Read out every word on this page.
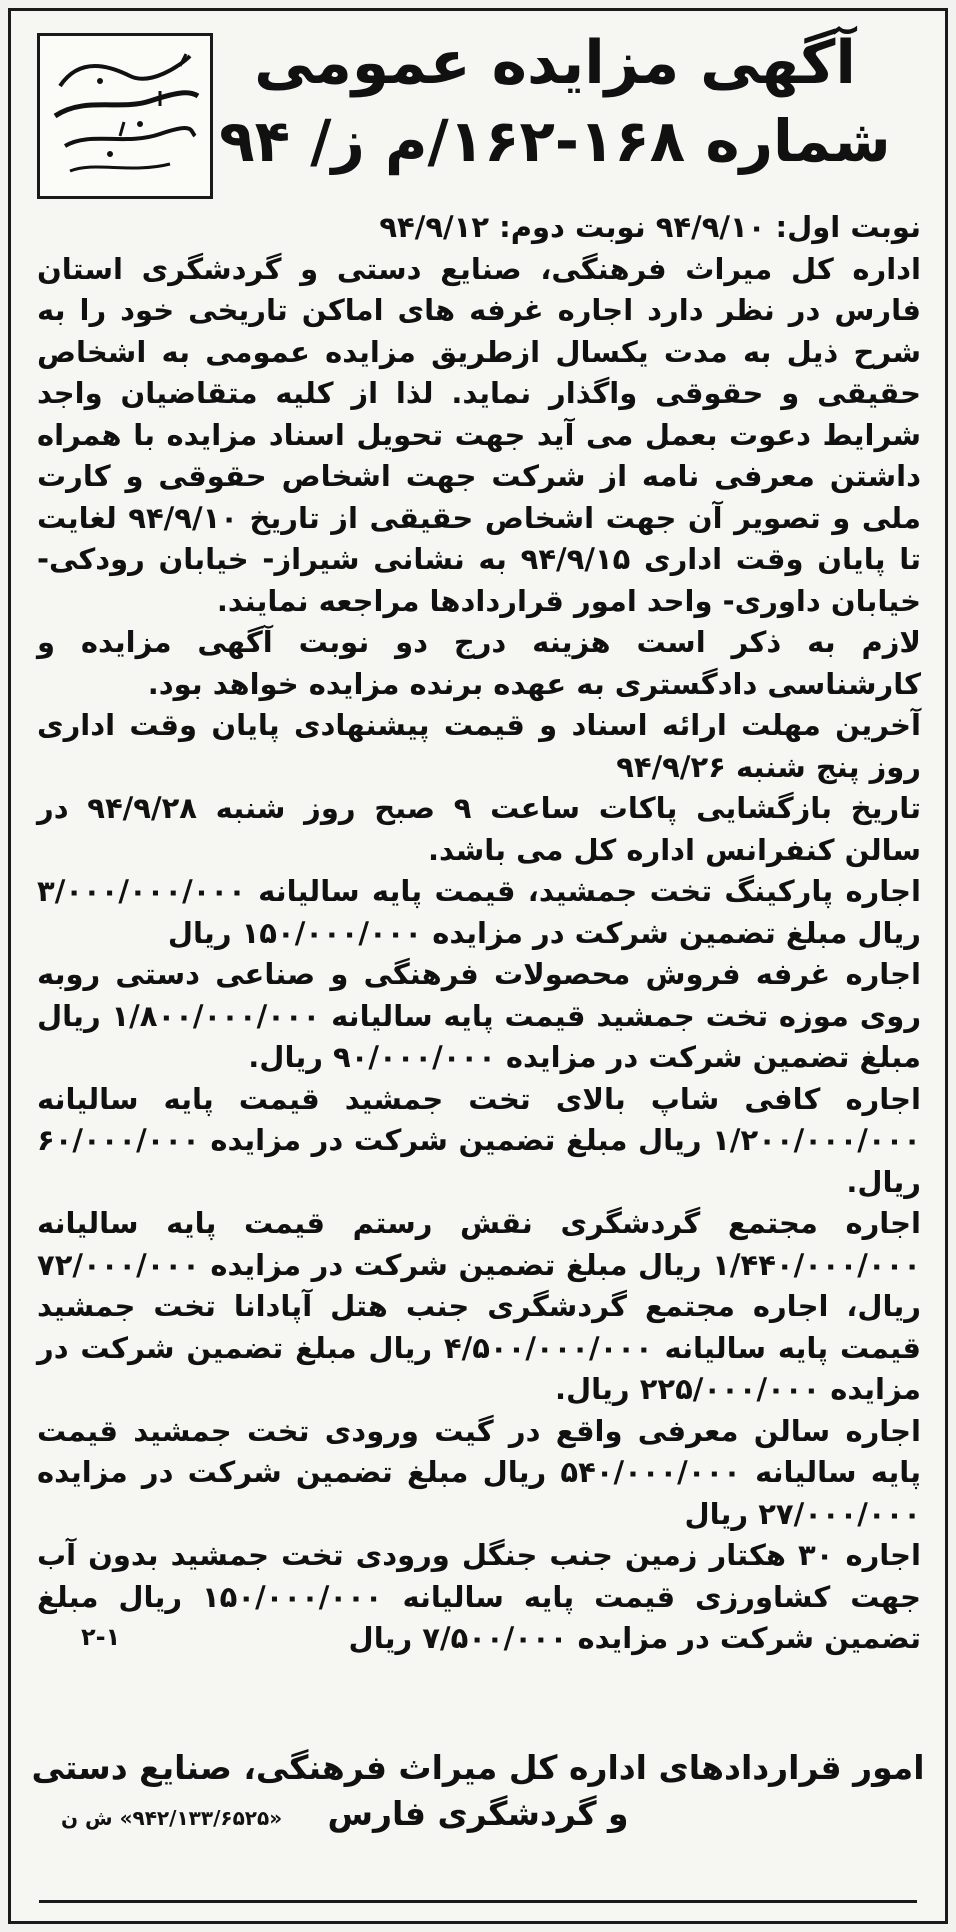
آگهی مزایده عمومی
شماره ۱۶۸-۱۶۲/م ز/ ۹۴

نوبت اول: ۹۴/۹/۱۰ نوبت دوم: ۹۴/۹/۱۲

اداره کل میراث فرهنگی، صنایع دستی و گردشگری استان فارس در نظر دارد اجاره غرفه های اماکن تاریخی خود را به شرح ذیل به مدت یکسال ازطریق مزایده عمومی به اشخاص حقیقی و حقوقی واگذار نماید. لذا از کلیه متقاضیان واجد شرایط دعوت بعمل می آید جهت تحویل اسناد مزایده با همراه داشتن معرفی نامه از شرکت جهت اشخاص حقوقی و کارت ملی و تصویر آن جهت اشخاص حقیقی از تاریخ ۹۴/۹/۱۰ لغایت تا پایان وقت اداری ۹۴/۹/۱۵ به نشانی شیراز- خیابان رودکی- خیابان داوری- واحد امور قراردادها مراجعه نمایند.

لازم به ذکر است هزینه درج دو نوبت آگهی مزایده و کارشناسی دادگستری به عهده برنده مزایده خواهد بود.

آخرین مهلت ارائه اسناد و قیمت پیشنهادی پایان وقت اداری روز پنج شنبه ۹۴/۹/۲۶

تاریخ بازگشایی پاکات ساعت ۹ صبح روز شنبه ۹۴/۹/۲۸ در سالن کنفرانس اداره کل می باشد.

اجاره پارکینگ تخت جمشید، قیمت پایه سالیانه ۳/۰۰۰/۰۰۰/۰۰۰ ریال مبلغ تضمین شرکت در مزایده ۱۵۰/۰۰۰/۰۰۰ ریال

اجاره غرفه فروش محصولات فرهنگی و صناعی دستی روبه روی موزه تخت جمشید قیمت پایه سالیانه ۱/۸۰۰/۰۰۰/۰۰۰ ریال مبلغ تضمین شرکت در مزایده ۹۰/۰۰۰/۰۰۰ ریال.

اجاره کافی شاپ بالای تخت جمشید قیمت پایه سالیانه ۱/۲۰۰/۰۰۰/۰۰۰ ریال مبلغ تضمین شرکت در مزایده ۶۰/۰۰۰/۰۰۰ ریال.

اجاره مجتمع گردشگری نقش رستم قیمت پایه سالیانه ۱/۴۴۰/۰۰۰/۰۰۰ ریال مبلغ تضمین شرکت در مزایده ۷۲/۰۰۰/۰۰۰ ریال، اجاره مجتمع گردشگری جنب هتل آپادانا تخت جمشید قیمت پایه سالیانه ۴/۵۰۰/۰۰۰/۰۰۰ ریال مبلغ تضمین شرکت در مزایده ۲۲۵/۰۰۰/۰۰۰ ریال.

اجاره سالن معرفی واقع در گیت ورودی تخت جمشید قیمت پایه سالیانه ۵۴۰/۰۰۰/۰۰۰ ریال مبلغ تضمین شرکت در مزایده ۲۷/۰۰۰/۰۰۰ ریال

اجاره ۳۰ هکتار زمین جنب جنگل ورودی تخت جمشید بدون آب جهت کشاورزی قیمت پایه سالیانه ۱۵۰/۰۰۰/۰۰۰ ریال مبلغ تضمین شرکت در مزایده ۷/۵۰۰/۰۰۰ ریال

۲-۱
امور قراردادهای اداره کل میراث فرهنگی، صنایع دستی
و گردشگری فارس
«۹۴۲/۱۳۳/۶۵۲۵» ش ن
